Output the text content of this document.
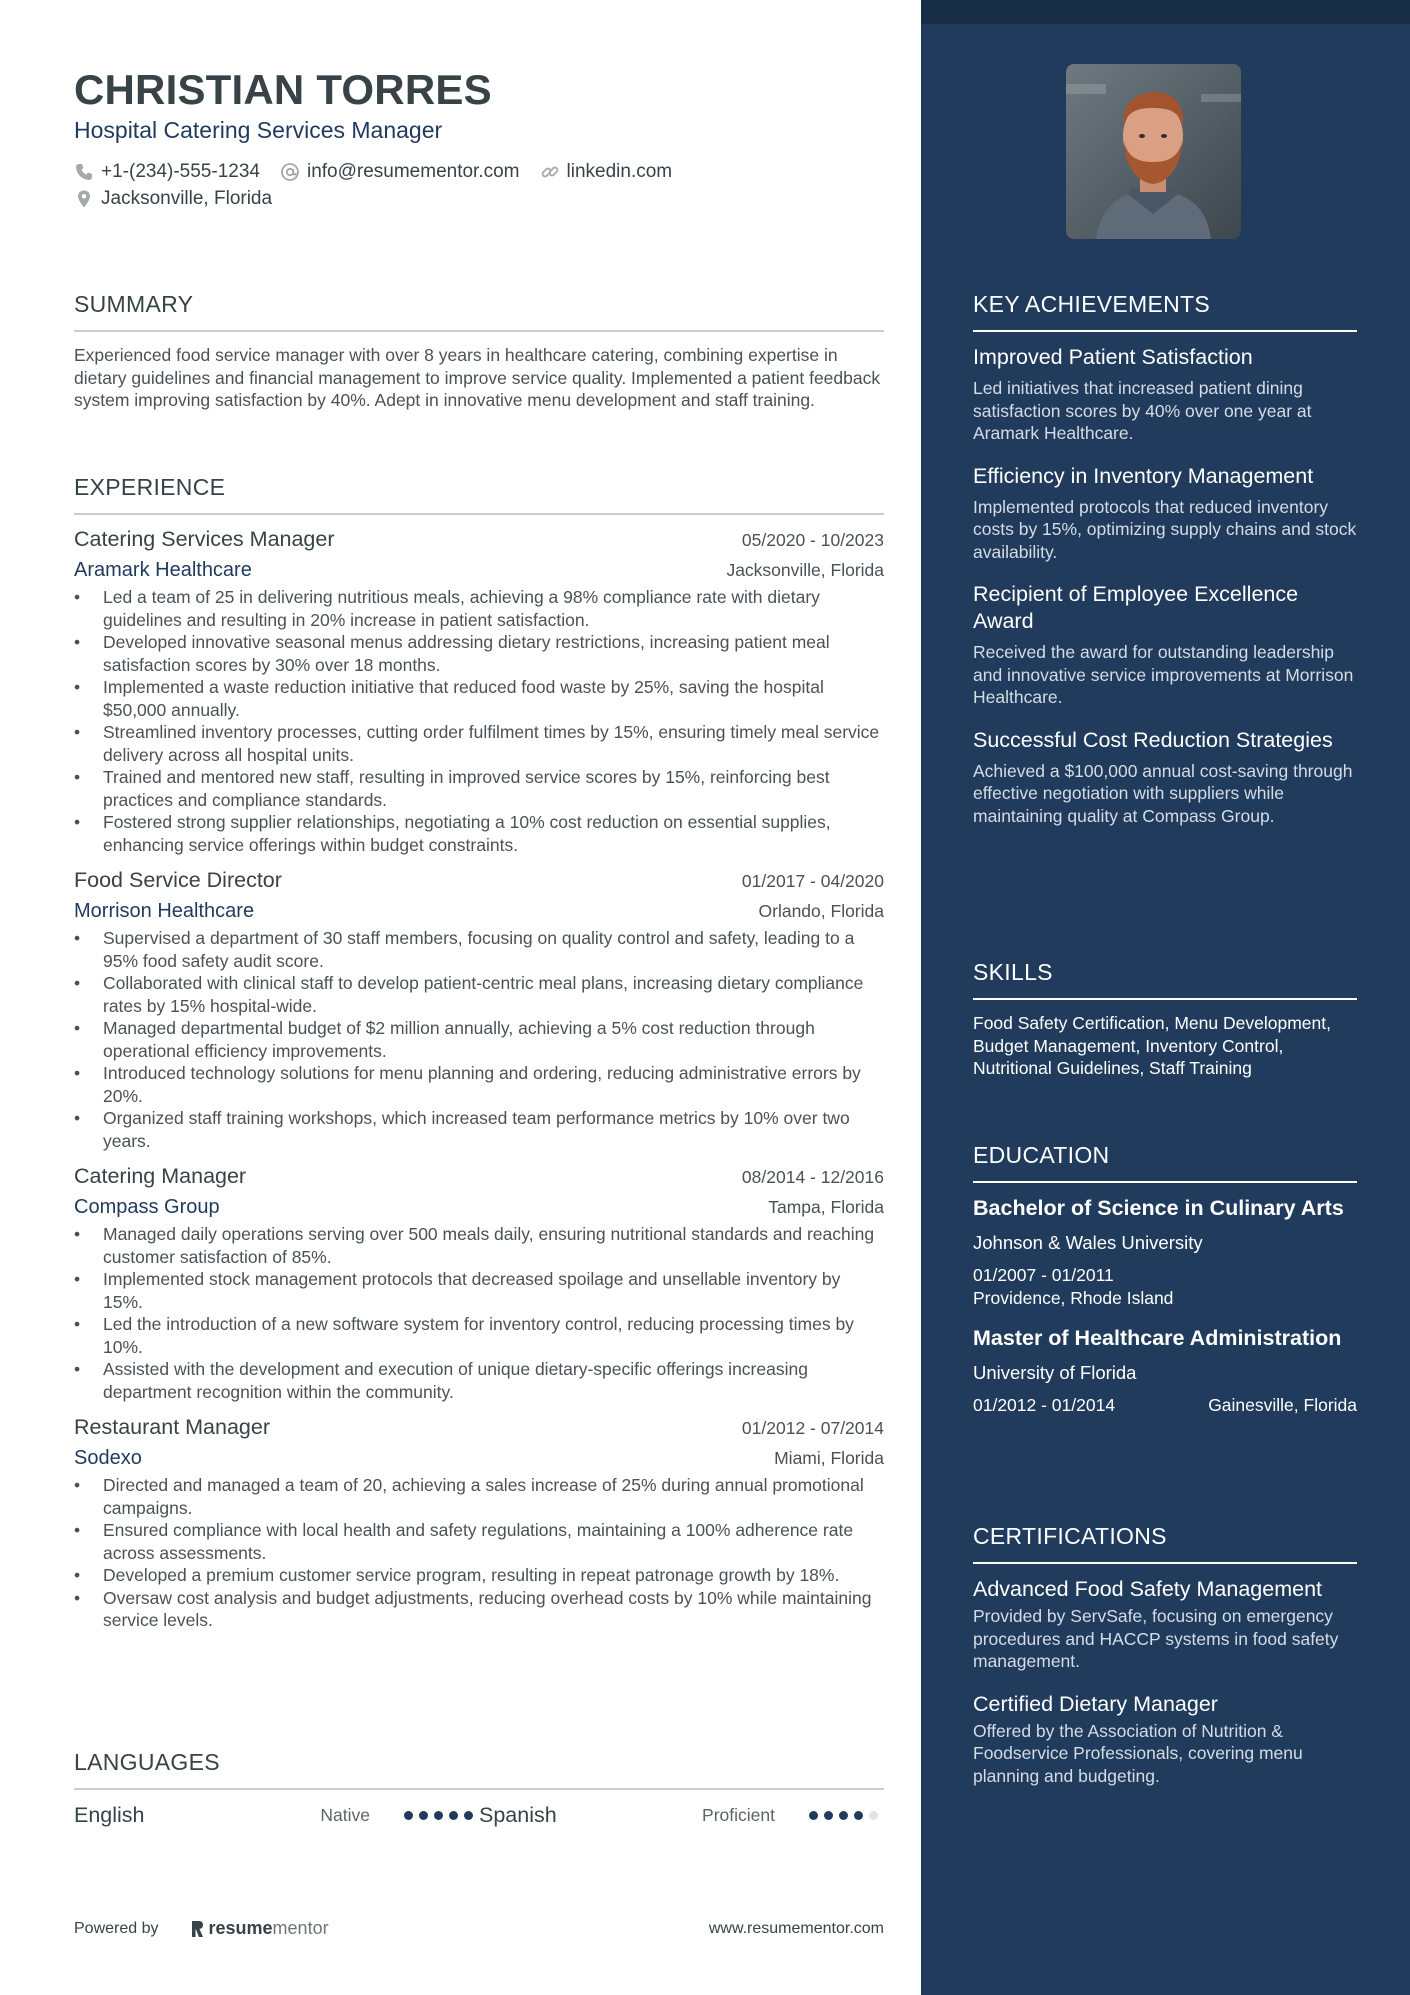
CHRISTIAN TORRES
Hospital Catering Services Manager
+1-(234)-555-1234 info@resumementor.com linkedin.com
Jacksonville, Florida
SUMMARY
Experienced food service manager with over 8 years in healthcare catering, combining expertise in dietary guidelines and financial management to improve service quality. Implemented a patient feedback system improving satisfaction by 40%. Adept in innovative menu development and staff training.
EXPERIENCE
Catering Services Manager	05/2020 - 10/2023
Aramark Healthcare	Jacksonville, Florida
• Led a team of 25 in delivering nutritious meals, achieving a 98% compliance rate with dietary guidelines and resulting in 20% increase in patient satisfaction.
• Developed innovative seasonal menus addressing dietary restrictions, increasing patient meal satisfaction scores by 30% over 18 months.
• Implemented a waste reduction initiative that reduced food waste by 25%, saving the hospital $50,000 annually.
• Streamlined inventory processes, cutting order fulfilment times by 15%, ensuring timely meal service delivery across all hospital units.
• Trained and mentored new staff, resulting in improved service scores by 15%, reinforcing best practices and compliance standards.
• Fostered strong supplier relationships, negotiating a 10% cost reduction on essential supplies, enhancing service offerings within budget constraints.
Food Service Director	01/2017 - 04/2020
Morrison Healthcare	Orlando, Florida
• Supervised a department of 30 staff members, focusing on quality control and safety, leading to a 95% food safety audit score.
• Collaborated with clinical staff to develop patient-centric meal plans, increasing dietary compliance rates by 15% hospital-wide.
• Managed departmental budget of $2 million annually, achieving a 5% cost reduction through operational efficiency improvements.
• Introduced technology solutions for menu planning and ordering, reducing administrative errors by 20%.
• Organized staff training workshops, which increased team performance metrics by 10% over two years.
Catering Manager	08/2014 - 12/2016
Compass Group	Tampa, Florida
• Managed daily operations serving over 500 meals daily, ensuring nutritional standards and reaching customer satisfaction of 85%.
• Implemented stock management protocols that decreased spoilage and unsellable inventory by 15%.
• Led the introduction of a new software system for inventory control, reducing processing times by 10%.
• Assisted with the development and execution of unique dietary-specific offerings increasing department recognition within the community.
Restaurant Manager	01/2012 - 07/2014
Sodexo	Miami, Florida
• Directed and managed a team of 20, achieving a sales increase of 25% during annual promotional campaigns.
• Ensured compliance with local health and safety regulations, maintaining a 100% adherence rate across assessments.
• Developed a premium customer service program, resulting in repeat patronage growth by 18%.
• Oversaw cost analysis and budget adjustments, reducing overhead costs by 10% while maintaining service levels.
LANGUAGES
English	Native	Spanish	Proficient
Powered by	resume mentor	www.resumementor.com
KEY ACHIEVEMENTS
Improved Patient Satisfaction
Led initiatives that increased patient dining satisfaction scores by 40% over one year at Aramark Healthcare.
Efficiency in Inventory Management
Implemented protocols that reduced inventory costs by 15%, optimizing supply chains and stock availability.
Recipient of Employee Excellence Award
Received the award for outstanding leadership and innovative service improvements at Morrison Healthcare.
Successful Cost Reduction Strategies
Achieved a $100,000 annual cost-saving through effective negotiation with suppliers while maintaining quality at Compass Group.
SKILLS
Food Safety Certification, Menu Development, Budget Management, Inventory Control, Nutritional Guidelines, Staff Training
EDUCATION
Bachelor of Science in Culinary Arts
Johnson & Wales University
01/2007 - 01/2011
Providence, Rhode Island
Master of Healthcare Administration
University of Florida
01/2012 - 01/2014	Gainesville, Florida
CERTIFICATIONS
Advanced Food Safety Management
Provided by ServSafe, focusing on emergency procedures and HACCP systems in food safety management.
Certified Dietary Manager
Offered by the Association of Nutrition & Foodservice Professionals, covering menu planning and budgeting.
